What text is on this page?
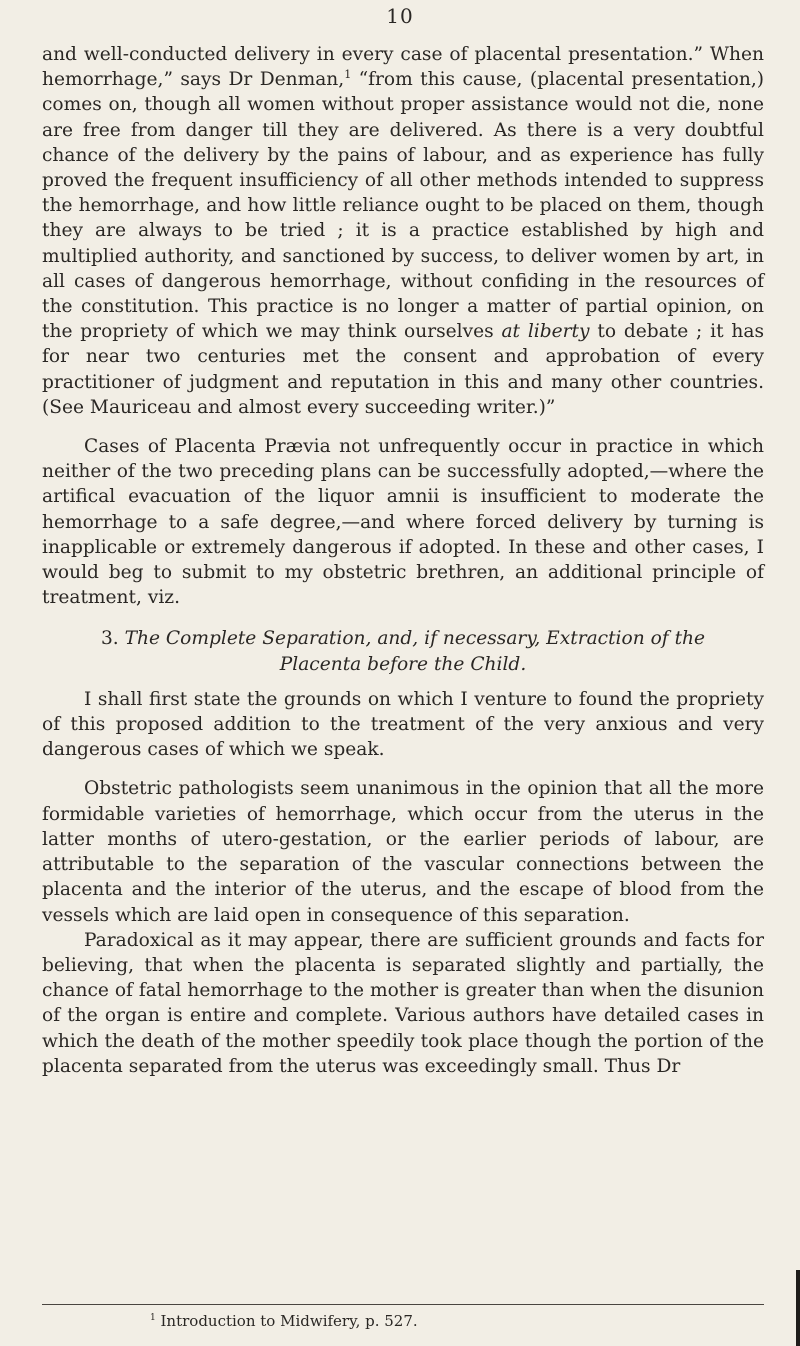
10

and well-conducted delivery in every case of placental presentation.” When hemorrhage,” says Dr Denman,$^1$ “from this cause, (placental presentation,) comes on, though all women without proper assistance would not die, none are free from danger till they are delivered. As there is a very doubtful chance of the delivery by the pains of labour, and as experience has fully proved the frequent insufficiency of all other methods intended to suppress the hemorrhage, and how little reliance ought to be placed on them, though they are always to be tried ; it is a practice established by high and multiplied authority, and sanctioned by success, to deliver women by art, in all cases of dangerous hemorrhage, without confiding in the resources of the constitution. This practice is no longer a matter of partial opinion, on the propriety of which we may think ourselves at liberty to debate ; it has for near two centuries met the consent and approbation of every practitioner of judgment and reputation in this and many other countries. (See Mauriceau and almost every succeeding writer.)”

Cases of Placenta Prævia not unfrequently occur in practice in which neither of the two preceding plans can be successfully adopted,—where the artifical evacuation of the liquor amnii is insufficient to moderate the hemorrhage to a safe degree,—and where forced delivery by turning is inapplicable or extremely dangerous if adopted. In these and other cases, I would beg to submit to my obstetric brethren, an additional principle of treatment, viz.

3. The Complete Separation, and, if necessary, Extraction of the Placenta before the Child.

I shall first state the grounds on which I venture to found the propriety of this proposed addition to the treatment of the very anxious and very dangerous cases of which we speak.

Obstetric pathologists seem unanimous in the opinion that all the more formidable varieties of hemorrhage, which occur from the uterus in the latter months of utero-gestation, or the earlier periods of labour, are attributable to the separation of the vascular connections between the placenta and the interior of the uterus, and the escape of blood from the vessels which are laid open in consequence of this separation.

Paradoxical as it may appear, there are sufficient grounds and facts for believing, that when the placenta is separated slightly and partially, the chance of fatal hemorrhage to the mother is greater than when the disunion of the organ is entire and complete. Various authors have detailed cases in which the death of the mother speedily took place though the portion of the placenta separated from the uterus was exceedingly small. Thus Dr

$^1$ Introduction to Midwifery, p. 527.
